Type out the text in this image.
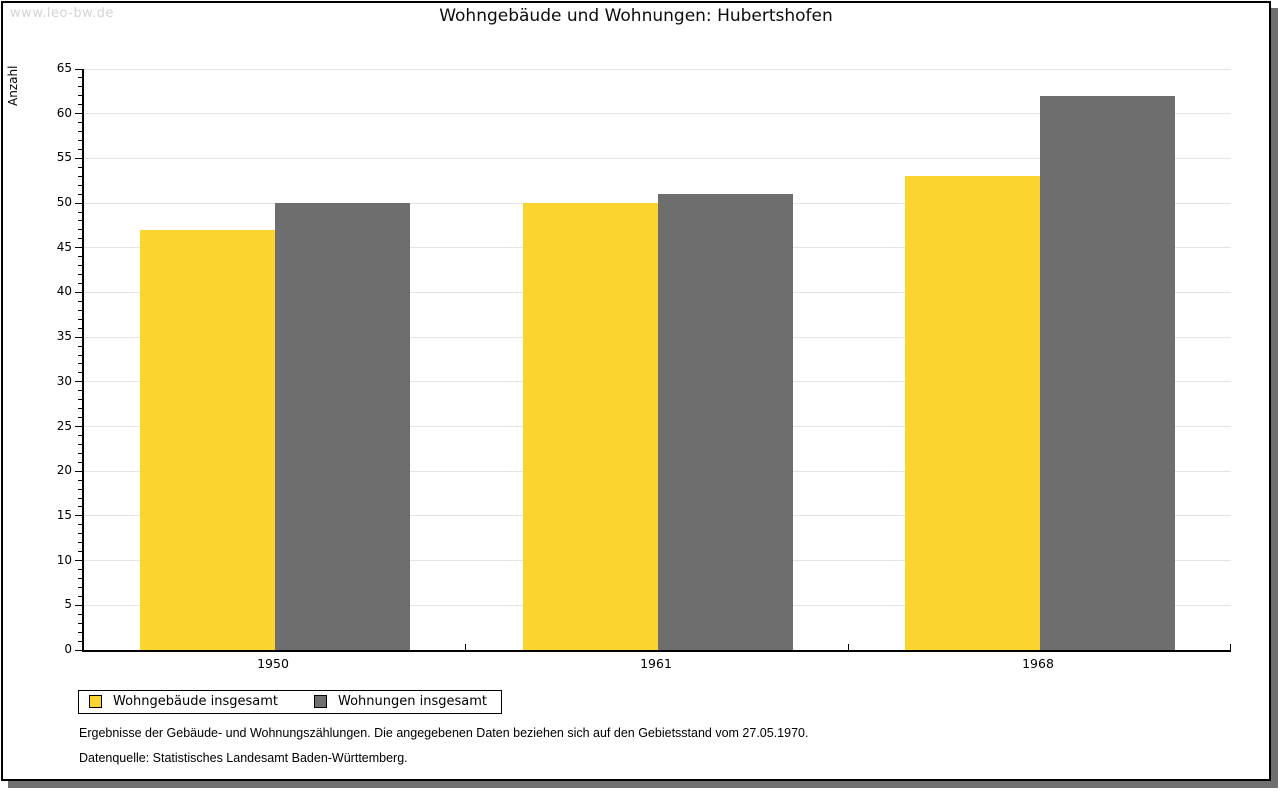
www.leo-bw.de	Wohngebäude und Wohnungen: Hubertshofen
Anzahl
Wohngebäude insgesamt	Wohnungen insgesamt
Ergebnisse der Gebäude- und Wohnungszählungen. Die angegebenen Daten beziehen sich auf den Gebietsstand vom 27.05.1970.
Datenquelle: Statistisches Landesamt Baden-Württemberg.
0
5
10
15
20
25
30
35
40
45
50
55
60
65
1950	1961	1968
